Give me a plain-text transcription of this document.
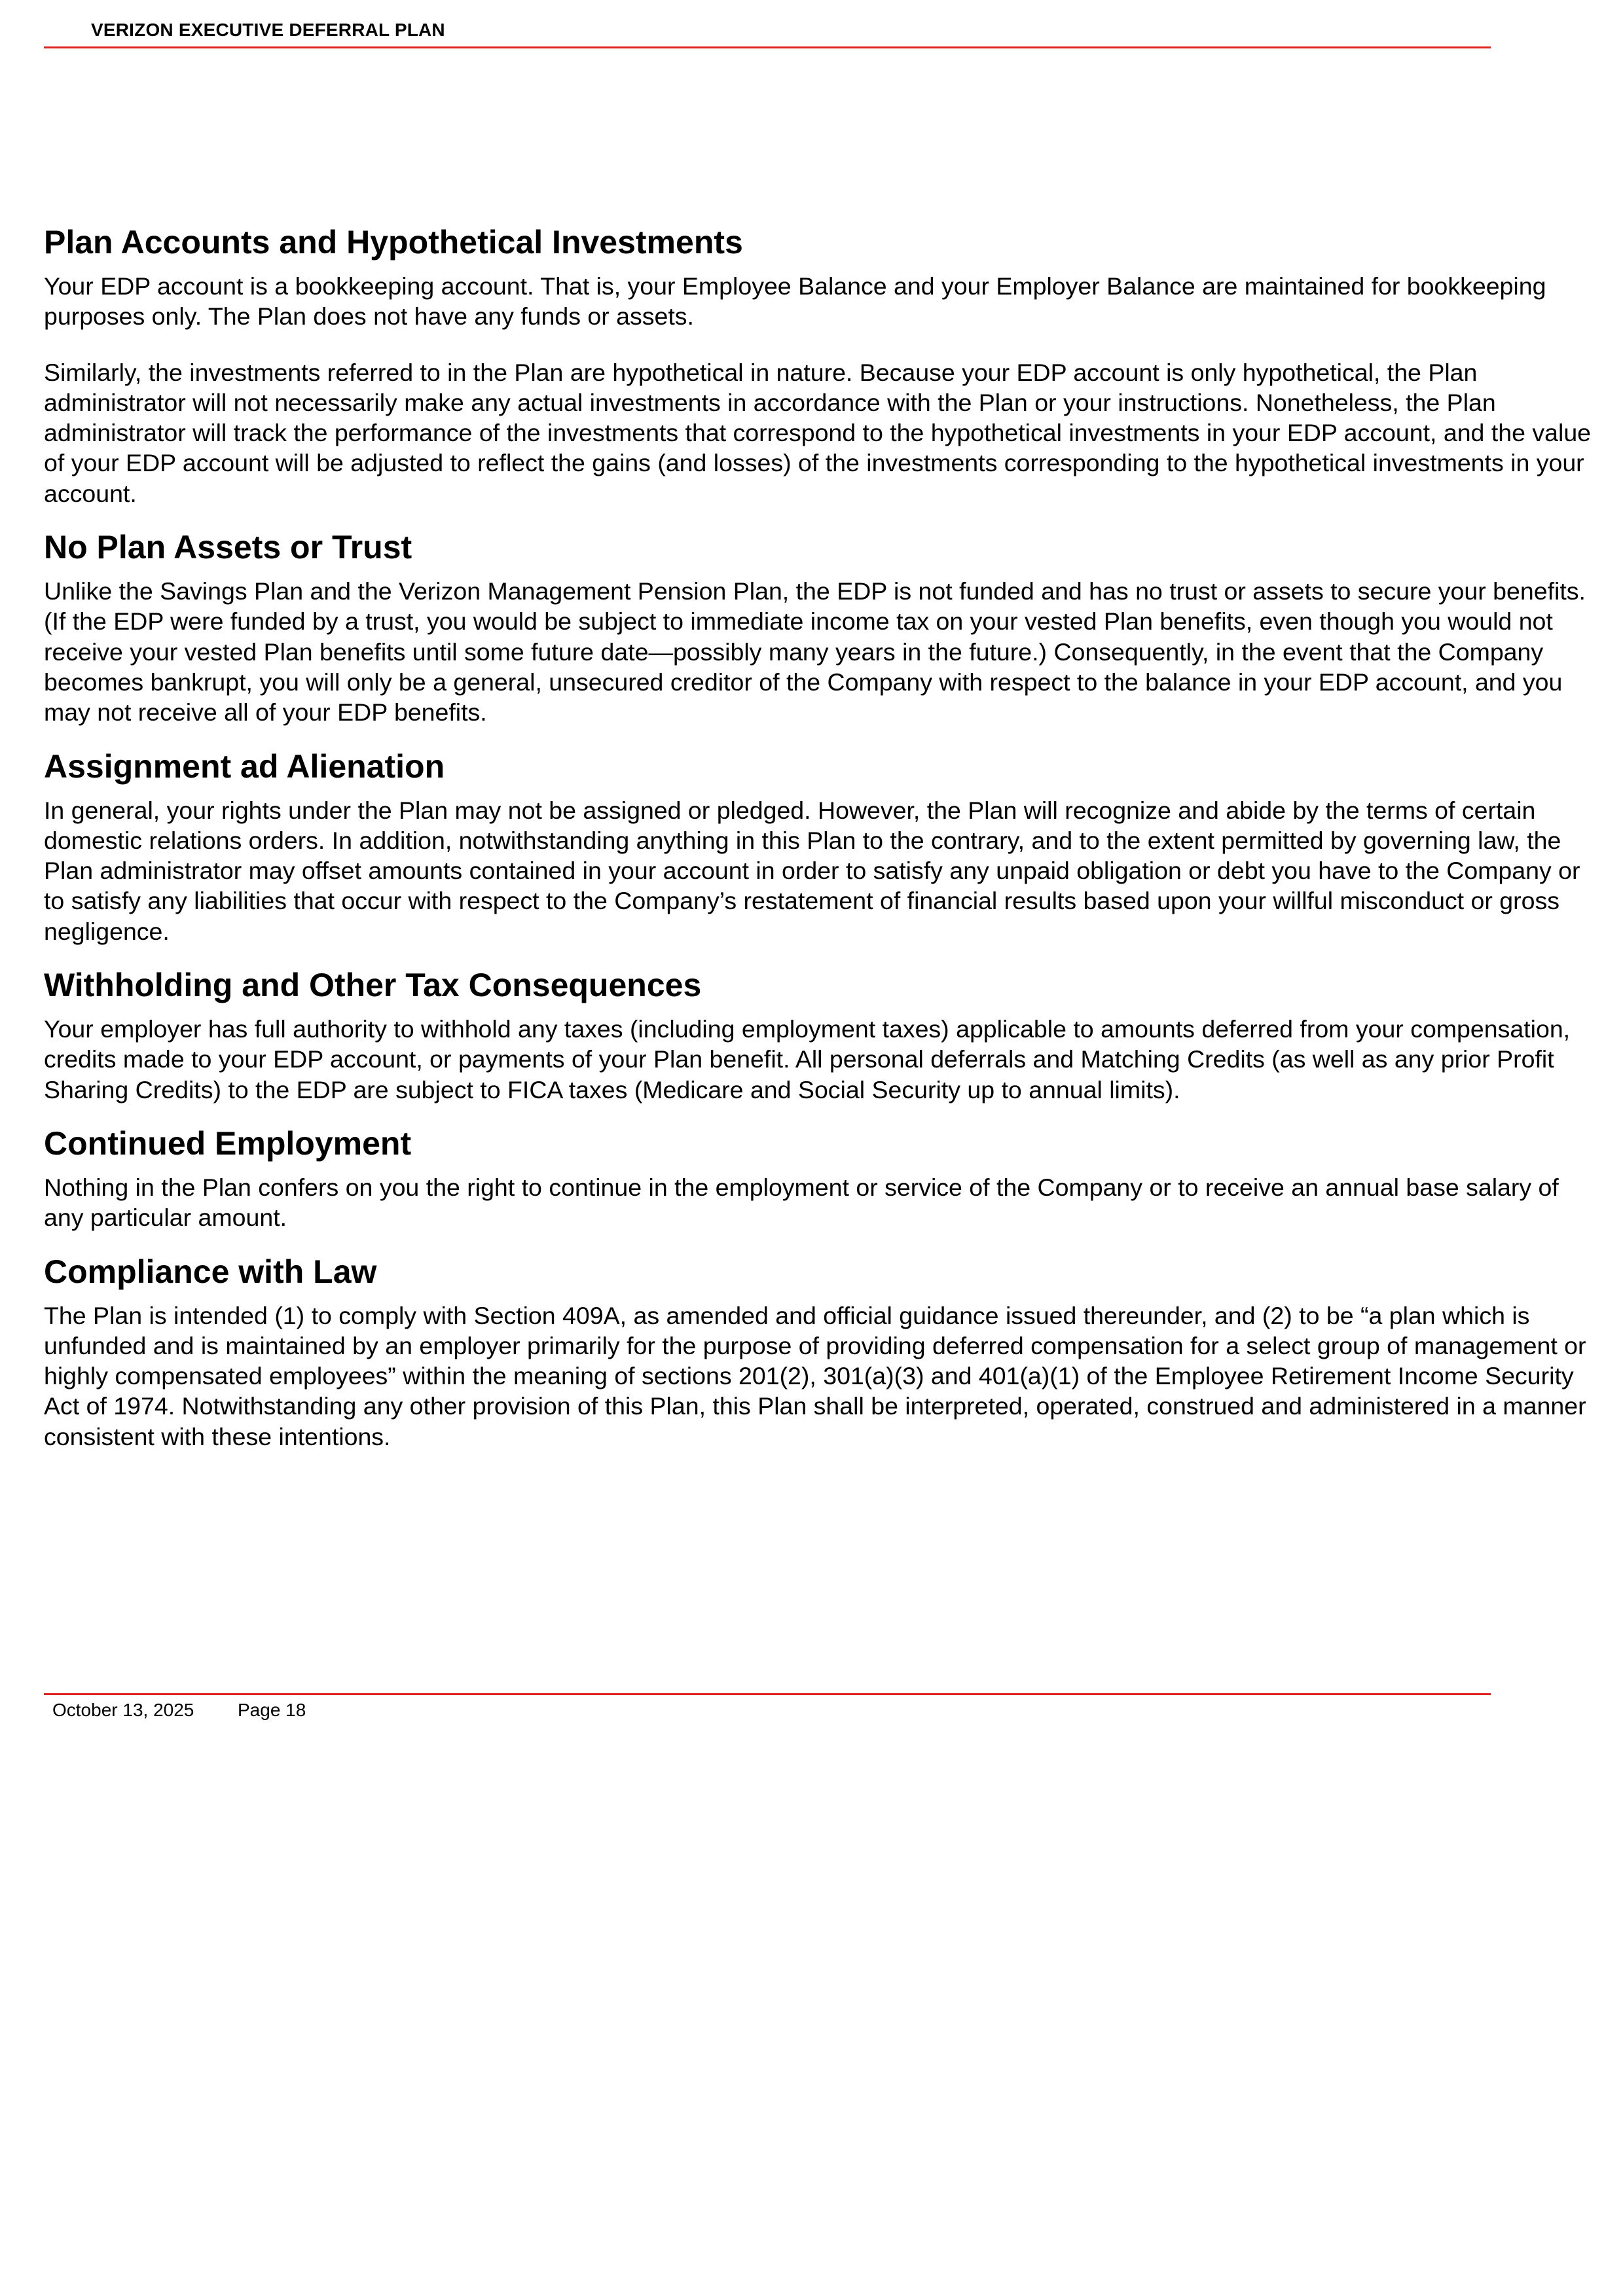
VERIZON EXECUTIVE DEFERRAL PLAN
Plan Accounts and Hypothetical Investments

Your EDP account is a bookkeeping account. That is, your Employee Balance and your Employer Balance are maintained for bookkeeping purposes only. The Plan does not have any funds or assets.

Similarly, the investments referred to in the Plan are hypothetical in nature. Because your EDP account is only hypothetical, the Plan administrator will not necessarily make any actual investments in accordance with the Plan or your instructions. Nonetheless, the Plan administrator will track the performance of the investments that correspond to the hypothetical investments in your EDP account, and the value of your EDP account will be adjusted to reflect the gains (and losses) of the investments corresponding to the hypothetical investments in your account.

No Plan Assets or Trust

Unlike the Savings Plan and the Verizon Management Pension Plan, the EDP is not funded and has no trust or assets to secure your benefits. (If the EDP were funded by a trust, you would be subject to immediate income tax on your vested Plan benefits, even though you would not receive your vested Plan benefits until some future date—possibly many years in the future.) Consequently, in the event that the Company becomes bankrupt, you will only be a general, unsecured creditor of the Company with respect to the balance in your EDP account, and you may not receive all of your EDP benefits.

Assignment ad Alienation

In general, your rights under the Plan may not be assigned or pledged. However, the Plan will recognize and abide by the terms of certain domestic relations orders. In addition, notwithstanding anything in this Plan to the contrary, and to the extent permitted by governing law, the Plan administrator may offset amounts contained in your account in order to satisfy any unpaid obligation or debt you have to the Company or to satisfy any liabilities that occur with respect to the Company’s restatement of financial results based upon your willful misconduct or gross negligence.

Withholding and Other Tax Consequences

Your employer has full authority to withhold any taxes (including employment taxes) applicable to amounts deferred from your compensation, credits made to your EDP account, or payments of your Plan benefit. All personal deferrals and Matching Credits (as well as any prior Profit Sharing Credits) to the EDP are subject to FICA taxes (Medicare and Social Security up to annual limits).

Continued Employment

Nothing in the Plan confers on you the right to continue in the employment or service of the Company or to receive an annual base salary of any particular amount.

Compliance with Law

The Plan is intended (1) to comply with Section 409A, as amended and official guidance issued thereunder, and (2) to be “a plan which is unfunded and is maintained by an employer primarily for the purpose of providing deferred compensation for a select group of management or highly compensated employees” within the meaning of sections 201(2), 301(a)(3) and 401(a)(1) of the Employee Retirement Income Security Act of 1974. Notwithstanding any other provision of this Plan, this Plan shall be interpreted, operated, construed and administered in a manner consistent with these intentions.

October 13, 2025 Page 18
